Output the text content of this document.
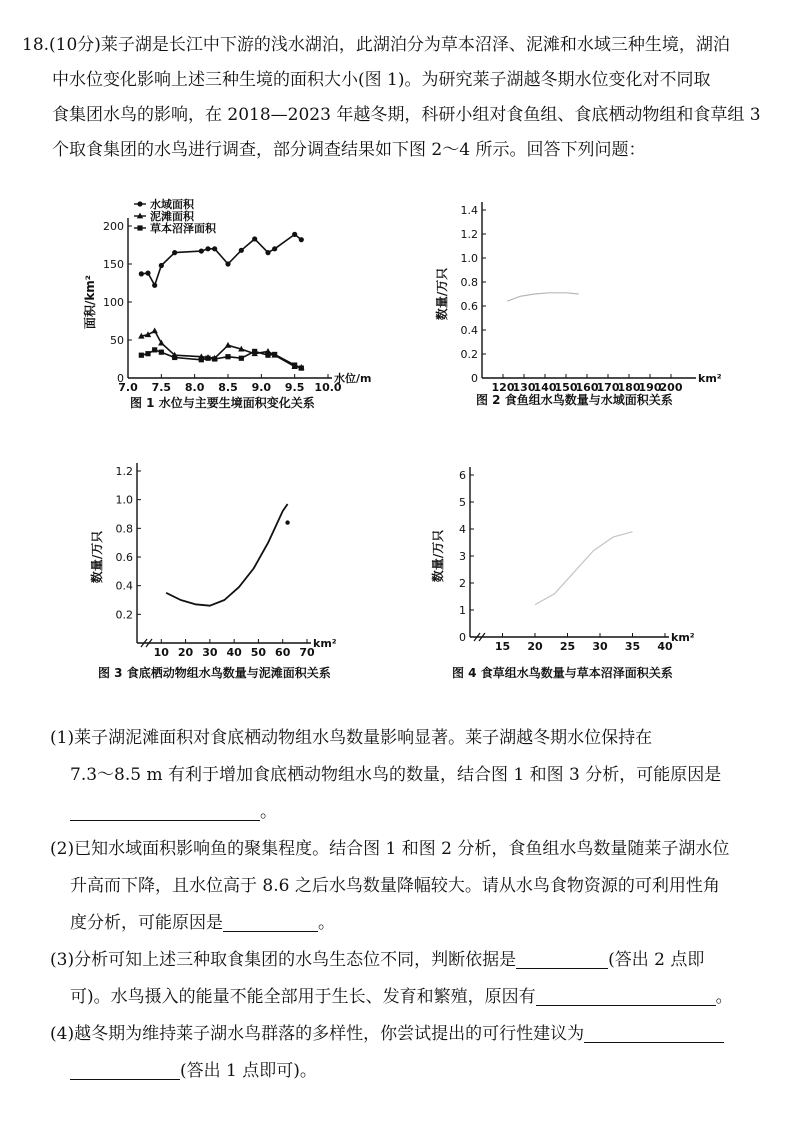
18.(10分)莱子湖是长江中下游的浅水湖泊，此湖泊分为草本沼泽、泥滩和水域三种生境，湖泊
中水位变化影响上述三种生境的面积大小(图 1)。为研究莱子湖越冬期水位变化对不同取
食集团水鸟的影响，在 2018—2023 年越冬期，科研小组对食鱼组、食底栖动物组和食草组 3
个取食集团的水鸟进行调查，部分调查结果如下图 2～4 所示。回答下列问题：
0
50
100
150
200
7.0 7.5 8.0 8.5 9.0 9.5 10.0
水位/m
面积/km²
水域面积
泥滩面积
草本沼泽面积
图 1 水位与主要生境面积变化关系
0
0.2
0.4
0.6
0.8
1.0
1.2
1.4
120
130
140
150
160
170
180
190
200
km²
数量/万只
图 2 食鱼组水鸟数量与水域面积关系
0.2
0.4
0.6
0.8
1.0
1.2
10 20 30 40 50 60 70
km²
数量/万只
图 3 食底栖动物组水鸟数量与泥滩面积关系
0
1
2
3
4
5
6
15 20 25 30 35 40
km²
数量/万只
图 4 食草组水鸟数量与草本沼泽面积关系
(1)莱子湖泥滩面积对食底栖动物组水鸟数量影响显著。莱子湖越冬期水位保持在
7.3～8.5 m 有利于增加食底栖动物组水鸟的数量，结合图 1 和图 3 分析，可能原因是
。
(2)已知水域面积影响鱼的聚集程度。结合图 1 和图 2 分析，食鱼组水鸟数量随莱子湖水位
升高而下降，且水位高于 8.6 之后水鸟数量降幅较大。请从水鸟食物资源的可利用性角
度分析，可能原因是	。
(3)分析可知上述三种取食集团的水鸟生态位不同，判断依据是	(答出 2 点即
可)。水鸟摄入的能量不能全部用于生长、发育和繁殖，原因有	。
(4)越冬期为维持莱子湖水鸟群落的多样性，你尝试提出的可行性建议为
(答出 1 点即可)。
